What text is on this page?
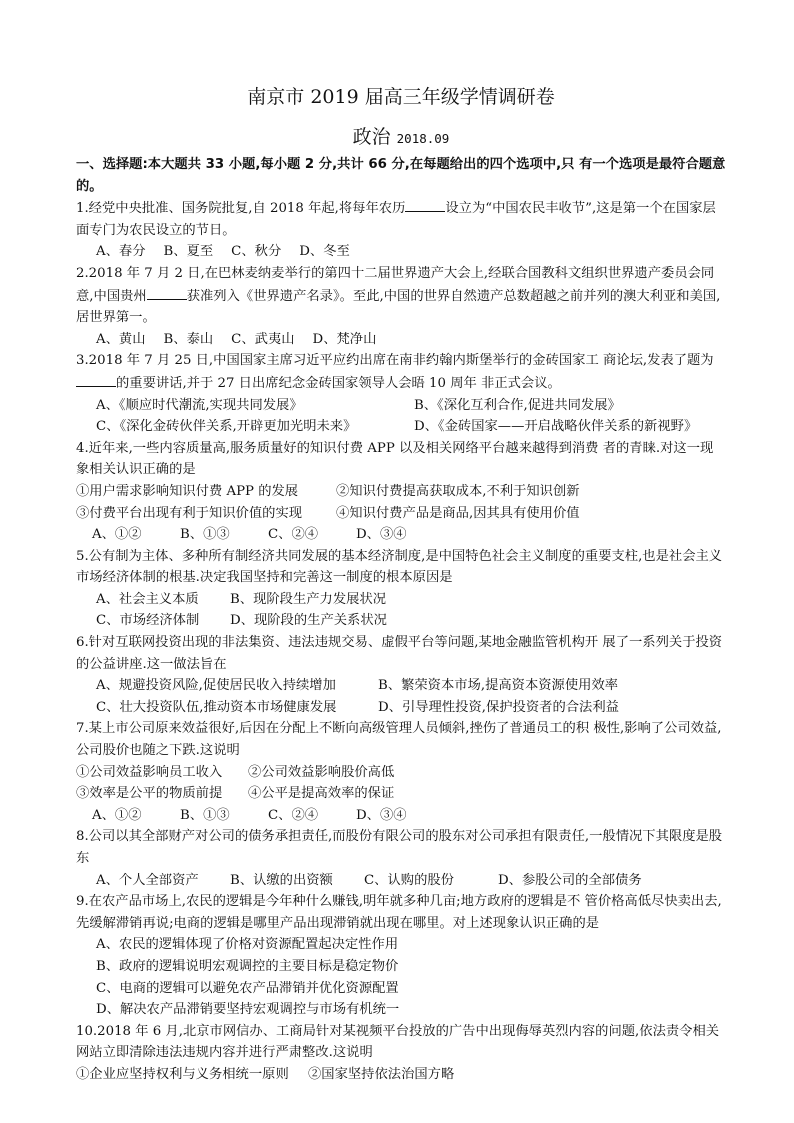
南京市 2019 届高三年级学情调研卷
政治 2018.09
一、选择题:本大题共 33 小题,每小题 2 分,共计 66 分,在每题给出的四个选项中,只 有一个选项是最符合题意的。
1.经党中央批准、国务院批复,自 2018 年起,将每年农历	设立为“中国农民丰收节”,这是第一个在国家层面专门为农民设立的节日。
A、春分 B、夏至 C、秋分 D、冬至
2.2018 年 7 月 2 日,在巴林麦纳麦举行的第四十二届世界遗产大会上,经联合国教科文组织世界遗产委员会同意,中国贵州	获准列入《世界遗产名录》。至此,中国的世界自然遗产总数超越之前并列的澳大利亚和美国,居世界第一。
A、黄山 B、泰山 C、武夷山 D、梵净山
3.2018 年 7 月 25 日,中国国家主席习近平应约出席在南非约翰内斯堡举行的金砖国家工 商论坛,发表了题为的重要讲话,并于 27 日出席纪念金砖国家领导人会晤 10 周年 非正式会议。
A、《顺应时代潮流,实现共同发展》	B、《深化互利合作,促进共同发展》
C、《深化金砖伙伴关系,开辟更加光明未来》	D、《金砖国家——开启战略伙伴关系的新视野》
4.近年来,一些内容质量高,服务质量好的知识付费 APP 以及相关网络平台越来越得到消费 者的青睐.对这一现象相关认识正确的是
①用户需求影响知识付费 APP 的发展	②知识付费提高获取成本,不利于知识创新
③付费平台出现有利于知识价值的实现	④知识付费产品是商品,因其具有使用价值
A、①②	B、①③	C、②④	D、③④
5.公有制为主体、多种所有制经济共同发展的基本经济制度,是中国特色社会主义制度的重要支柱,也是社会主义市场经济体制的根基.决定我国坚持和完善这一制度的根本原因是
A、社会主义本质	B、现阶段生产力发展状况
C、市场经济体制	D、现阶段的生产关系状况
6.针对互联网投资出现的非法集资、违法违规交易、虚假平台等问题,某地金融监管机构开 展了一系列关于投资的公益讲座.这一做法旨在
A、规避投资风险,促使居民收入持续增加	B、繁荣资本市场,提高资本资源使用效率
C、壮大投资队伍,推动资本市场健康发展	D、引导理性投资,保护投资者的合法利益
7.某上市公司原来效益很好,后因在分配上不断向高级管理人员倾斜,挫伤了普通员工的积 极性,影响了公司效益,公司股价也随之下跌.这说明
①公司效益影响员工收入 ②公司效益影响股价高低
③效率是公平的物质前提 ④公平是提高效率的保证
A、①②	B、①③	C、②④	D、③④
8.公司以其全部财产对公司的债务承担责任,而股份有限公司的股东对公司承担有限责任,一般情况下其限度是股东
A、个人全部资产	B、认缴的出资额	C、认购的股份	D、参股公司的全部债务
9.在农产品市场上,农民的逻辑是今年种什么赚钱,明年就多种几亩;地方政府的逻辑是不 管价格高低尽快卖出去,先缓解滞销再说;电商的逻辑是哪里产品出现滞销就出现在哪里。对上述现象认识正确的是
A、农民的逻辑体现了价格对资源配置起决定性作用
B、政府的逻辑说明宏观调控的主要目标是稳定物价
C、电商的逻辑可以避免农产品滞销并优化资源配置
D、解决农产品滞销要坚持宏观调控与市场有机统一
10.2018 年 6 月,北京市网信办、工商局针对某视频平台投放的广告中出现侮辱英烈内容的问题,依法责令相关网站立即清除违法违规内容并进行严肃整改.这说明
①企业应坚持权利与义务相统一原则 ②国家坚持依法治国方略
